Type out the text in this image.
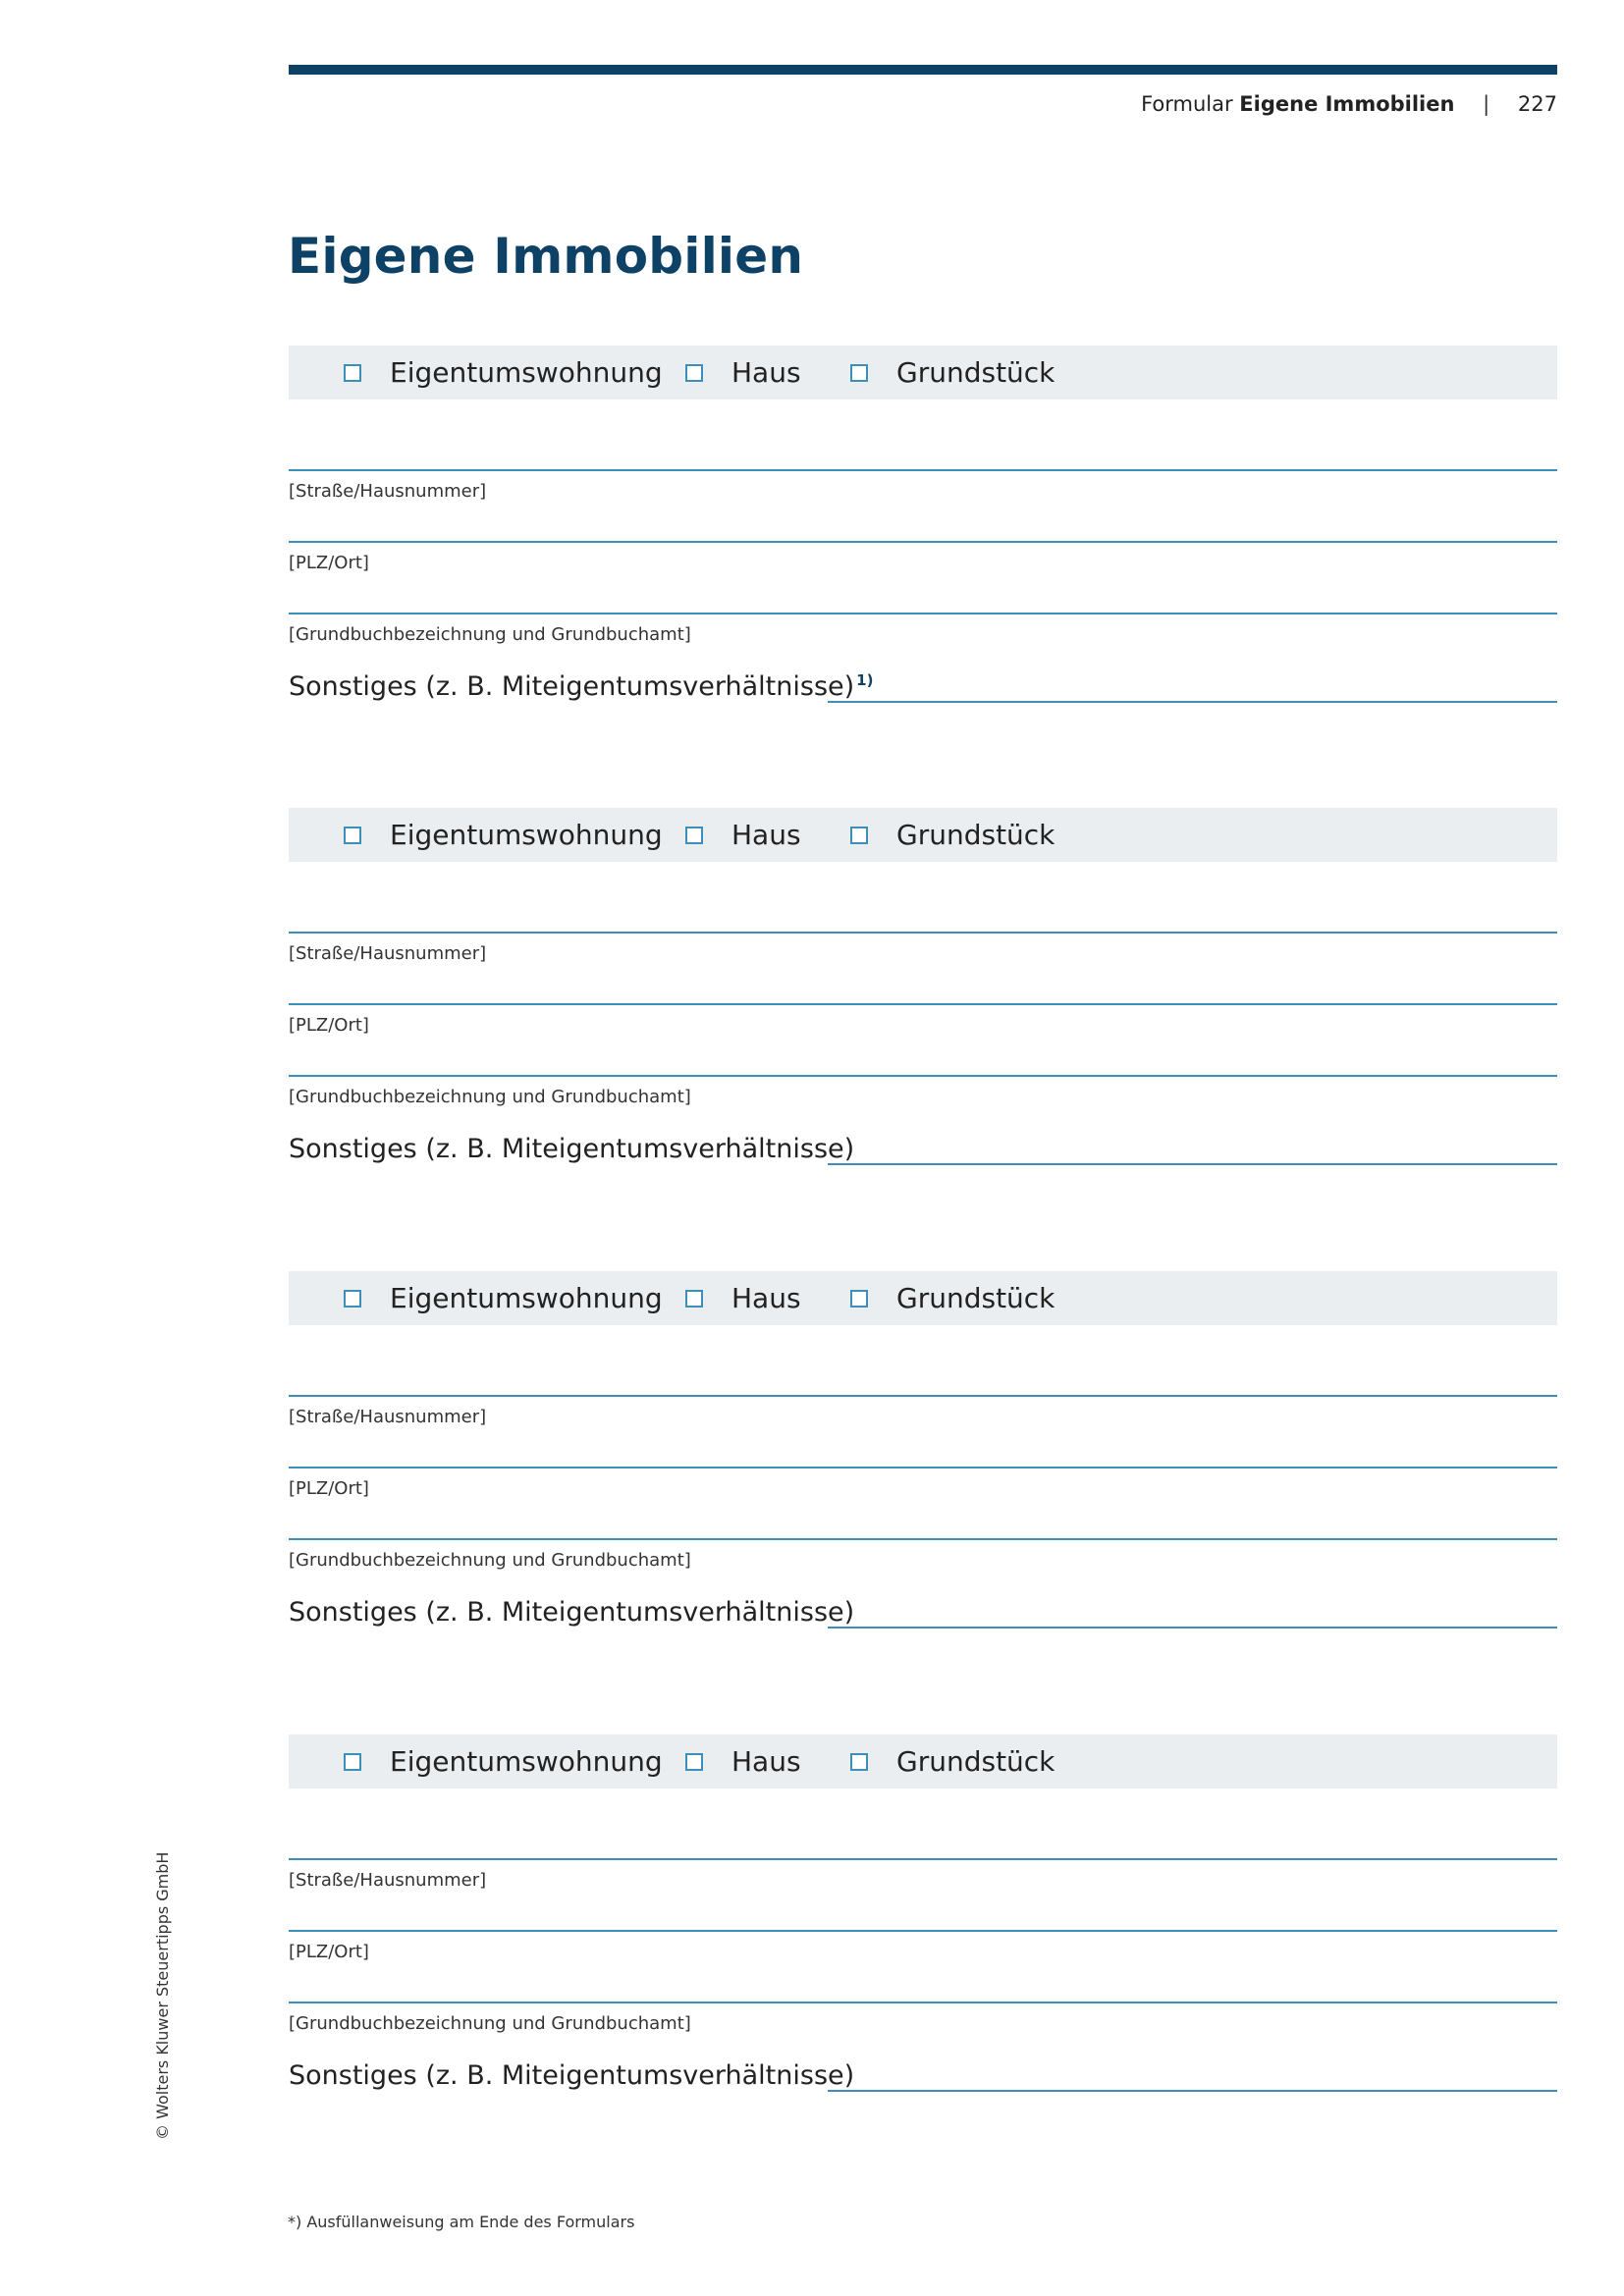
Formular Eigene Immobilien | 227
Eigene Immobilien
Eigentumswohnung	Haus	Grundstück
[Straße/Hausnummer]
[PLZ/Ort]
[Grundbuchbezeichnung und Grundbuchamt]
Sonstiges (z. B. Miteigentumsverhältnisse) $^{1)}$
Eigentumswohnung	Haus	Grundstück
[Straße/Hausnummer]
[PLZ/Ort]
[Grundbuchbezeichnung und Grundbuchamt]
Sonstiges (z. B. Miteigentumsverhältnisse)
Eigentumswohnung	Haus	Grundstück
[Straße/Hausnummer]
[PLZ/Ort]
[Grundbuchbezeichnung und Grundbuchamt]
Sonstiges (z. B. Miteigentumsverhältnisse)
Eigentumswohnung	Haus	Grundstück
[Straße/Hausnummer]
[PLZ/Ort]
[Grundbuchbezeichnung und Grundbuchamt]
Sonstiges (z. B. Miteigentumsverhältnisse)
*) Ausfüllanweisung am Ende des Formulars
© Wolters Kluwer Steuertipps GmbH
